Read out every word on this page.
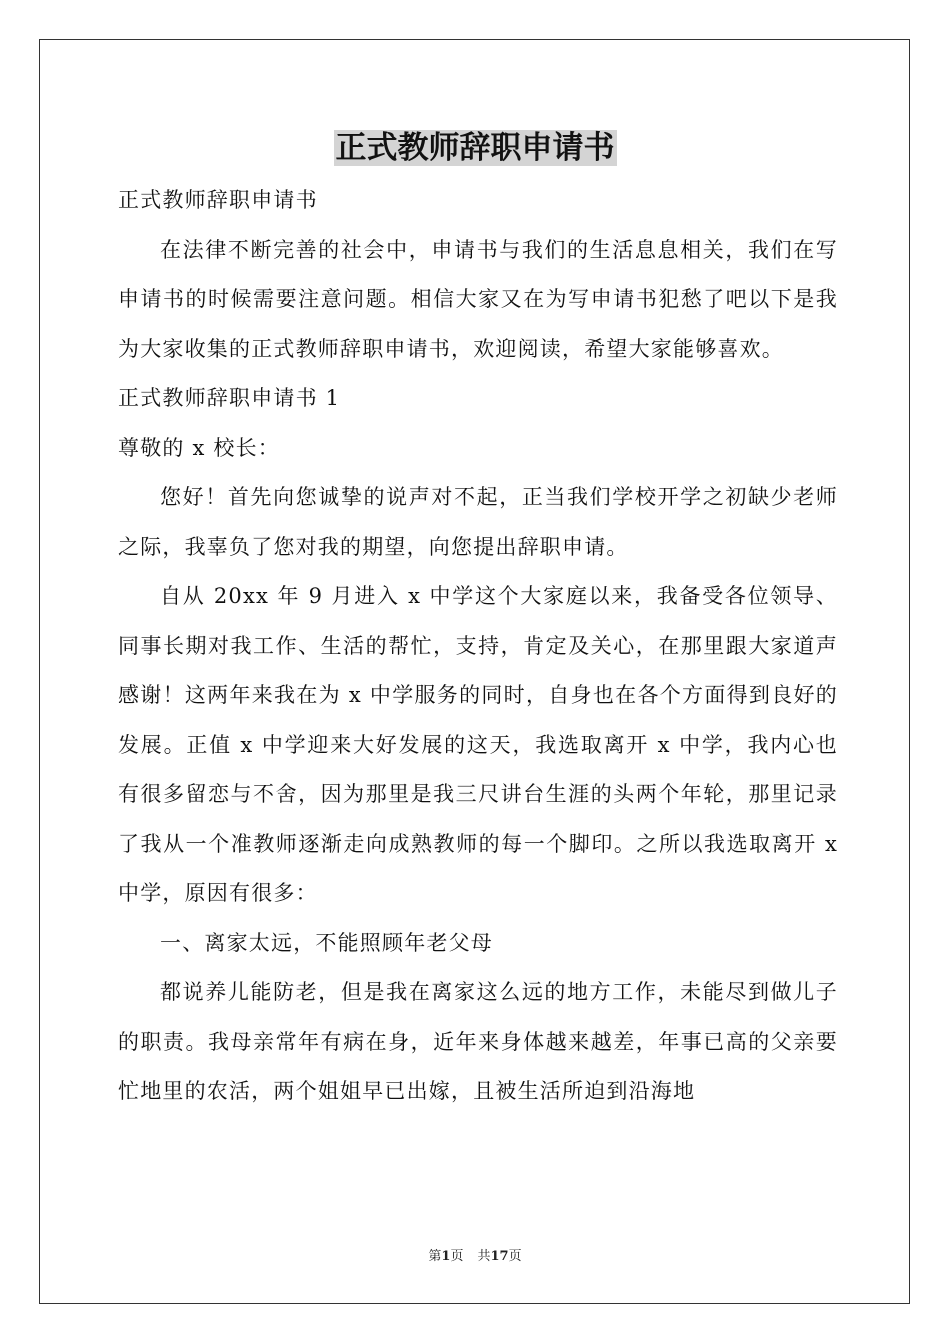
正式教师辞职申请书

正式教师辞职申请书

在法律不断完善的社会中，申请书与我们的生活息息相关，我们在写申请书的时候需要注意问题。相信大家又在为写申请书犯愁了吧以下是我为大家收集的正式教师辞职申请书，欢迎阅读，希望大家能够喜欢。

正式教师辞职申请书 1

尊敬的 x 校长：

您好！首先向您诚挚的说声对不起，正当我们学校开学之初缺少老师之际，我辜负了您对我的期望，向您提出辞职申请。

自从 20xx 年 9 月进入 x 中学这个大家庭以来，我备受各位领导、同事长期对我工作、生活的帮忙，支持，肯定及关心，在那里跟大家道声感谢！这两年来我在为 x 中学服务的同时，自身也在各个方面得到良好的发展。正值 x 中学迎来大好发展的这天，我选取离开 x 中学，我内心也有很多留恋与不舍，因为那里是我三尺讲台生涯的头两个年轮，那里记录了我从一个准教师逐渐走向成熟教师的每一个脚印。之所以我选取离开 x 中学，原因有很多：

一、离家太远，不能照顾年老父母

都说养儿能防老，但是我在离家这么远的地方工作，未能尽到做儿子的职责。我母亲常年有病在身，近年来身体越来越差，年事已高的父亲要忙地里的农活，两个姐姐早已出嫁，且被生活所迫到沿海地

第1页 共17页
